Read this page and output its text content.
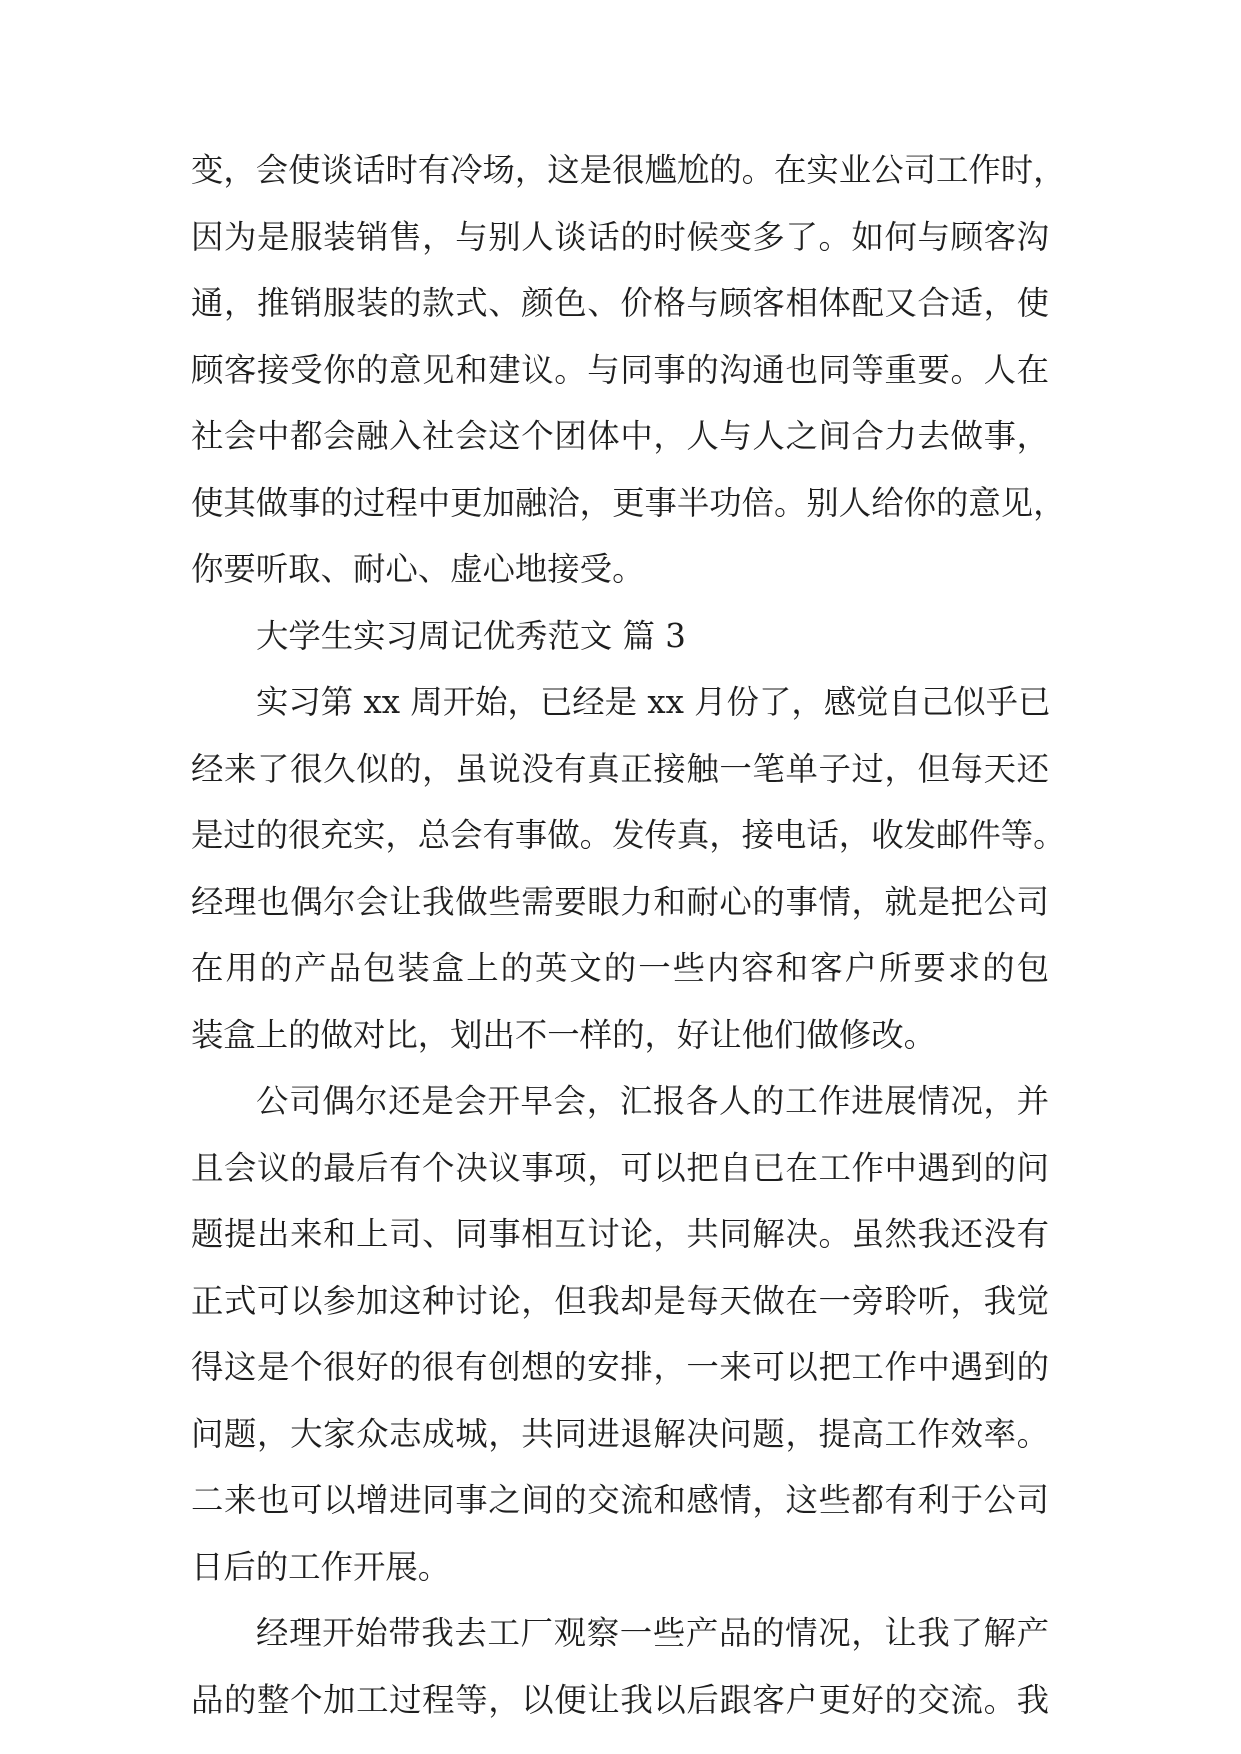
变，会使谈话时有冷场，这是很尴尬的。在实业公司工作时，

因为是服装销售，与别人谈话的时候变多了。如何与顾客沟

通，推销服装的款式、颜色、价格与顾客相体配又合适，使

顾客接受你的意见和建议。与同事的沟通也同等重要。人在

社会中都会融入社会这个团体中，人与人之间合力去做事，

使其做事的过程中更加融洽，更事半功倍。别人给你的意见，

你要听取、耐心、虚心地接受。

大学生实习周记优秀范文 篇 3

实习第 xx 周开始，已经是 xx 月份了，感觉自己似乎已

经来了很久似的，虽说没有真正接触一笔单子过，但每天还

是过的很充实，总会有事做。发传真，接电话，收发邮件等。

经理也偶尔会让我做些需要眼力和耐心的事情，就是把公司

在用的产品包装盒上的英文的一些内容和客户所要求的包

装盒上的做对比，划出不一样的，好让他们做修改。

公司偶尔还是会开早会，汇报各人的工作进展情况，并

且会议的最后有个决议事项，可以把自已在工作中遇到的问

题提出来和上司、同事相互讨论，共同解决。虽然我还没有

正式可以参加这种讨论，但我却是每天做在一旁聆听，我觉

得这是个很好的很有创想的安排，一来可以把工作中遇到的

问题，大家众志成城，共同进退解决问题，提高工作效率。

二来也可以增进同事之间的交流和感情，这些都有利于公司

日后的工作开展。

经理开始带我去工厂观察一些产品的情况，让我了解产

品的整个加工过程等，以便让我以后跟客户更好的交流。我
